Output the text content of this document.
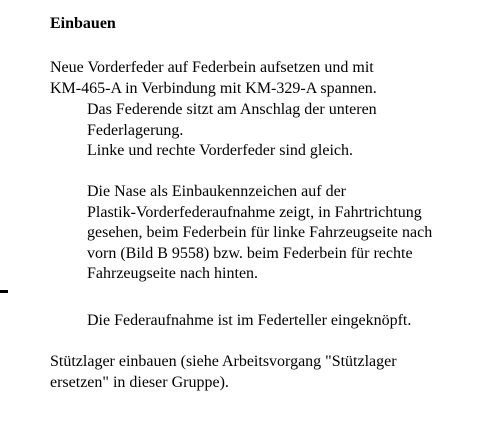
Einbauen
Neue Vorderfeder auf Federbein aufsetzen und mit
KM-465-A in Verbindung mit KM-329-A spannen.
Das Federende sitzt am Anschlag der unteren
Federlagerung.
Linke und rechte Vorderfeder sind gleich.
Die Nase als Einbaukennzeichen auf der
Plastik-Vorderfederaufnahme zeigt, in Fahrtrichtung
gesehen, beim Federbein für linke Fahrzeugseite nach
vorn (Bild B 9558) bzw. beim Federbein für rechte
Fahrzeugseite nach hinten.
Die Federaufnahme ist im Federteller eingeknöpft.
Stützlager einbauen (siehe Arbeitsvorgang "Stützlager
ersetzen" in dieser Gruppe).
